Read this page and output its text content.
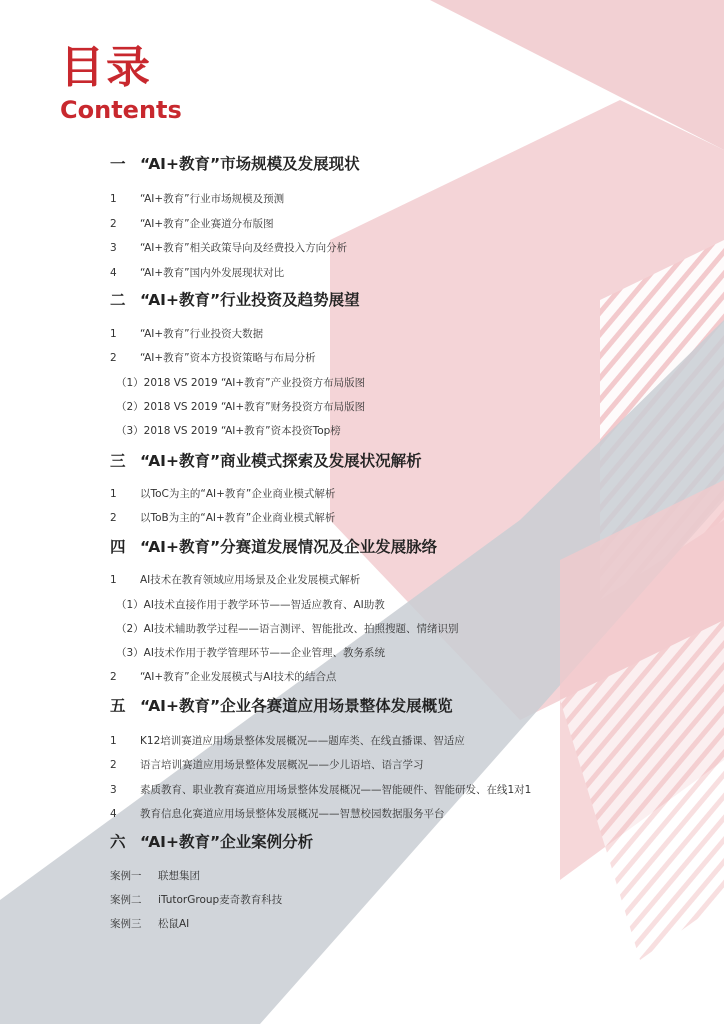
目录
Contents
一 “AI+教育”市场规模及发展现状
1 “AI+教育”行业市场规模及预测
2 “AI+教育”企业赛道分布版图
3 “AI+教育”相关政策导向及经费投入方向分析
4 “AI+教育”国内外发展现状对比
二 “AI+教育”行业投资及趋势展望
1 “AI+教育”行业投资大数据
2 “AI+教育”资本方投资策略与布局分析
（1）2018 VS 2019 “AI+教育”产业投资方布局版图
（2）2018 VS 2019 “AI+教育”财务投资方布局版图
（3）2018 VS 2019 “AI+教育”资本投资Top榜
三 “AI+教育”商业模式探索及发展状况解析
1 以ToC为主的“AI+教育”企业商业模式解析
2 以ToB为主的“AI+教育”企业商业模式解析
四 “AI+教育”分赛道发展情况及企业发展脉络
1 AI技术在教育领域应用场景及企业发展模式解析
（1）AI技术直接作用于教学环节——智适应教育、AI助教
（2）AI技术辅助教学过程——语言测评、智能批改、拍照搜题、情绪识别
（3）AI技术作用于教学管理环节——企业管理、教务系统
2 “AI+教育”企业发展模式与AI技术的结合点
五 “AI+教育”企业各赛道应用场景整体发展概览
1 K12培训赛道应用场景整体发展概况——题库类、在线直播课、智适应
2 语言培训赛道应用场景整体发展概况——少儿语培、语言学习
3 素质教育、职业教育赛道应用场景整体发展概况——智能硬件、智能研发、在线1对1
4 教育信息化赛道应用场景整体发展概况——智慧校园数据服务平台
六 “AI+教育”企业案例分析
案例一 联想集团
案例二 iTutorGroup麦奇教育科技
案例三 松鼠AI
